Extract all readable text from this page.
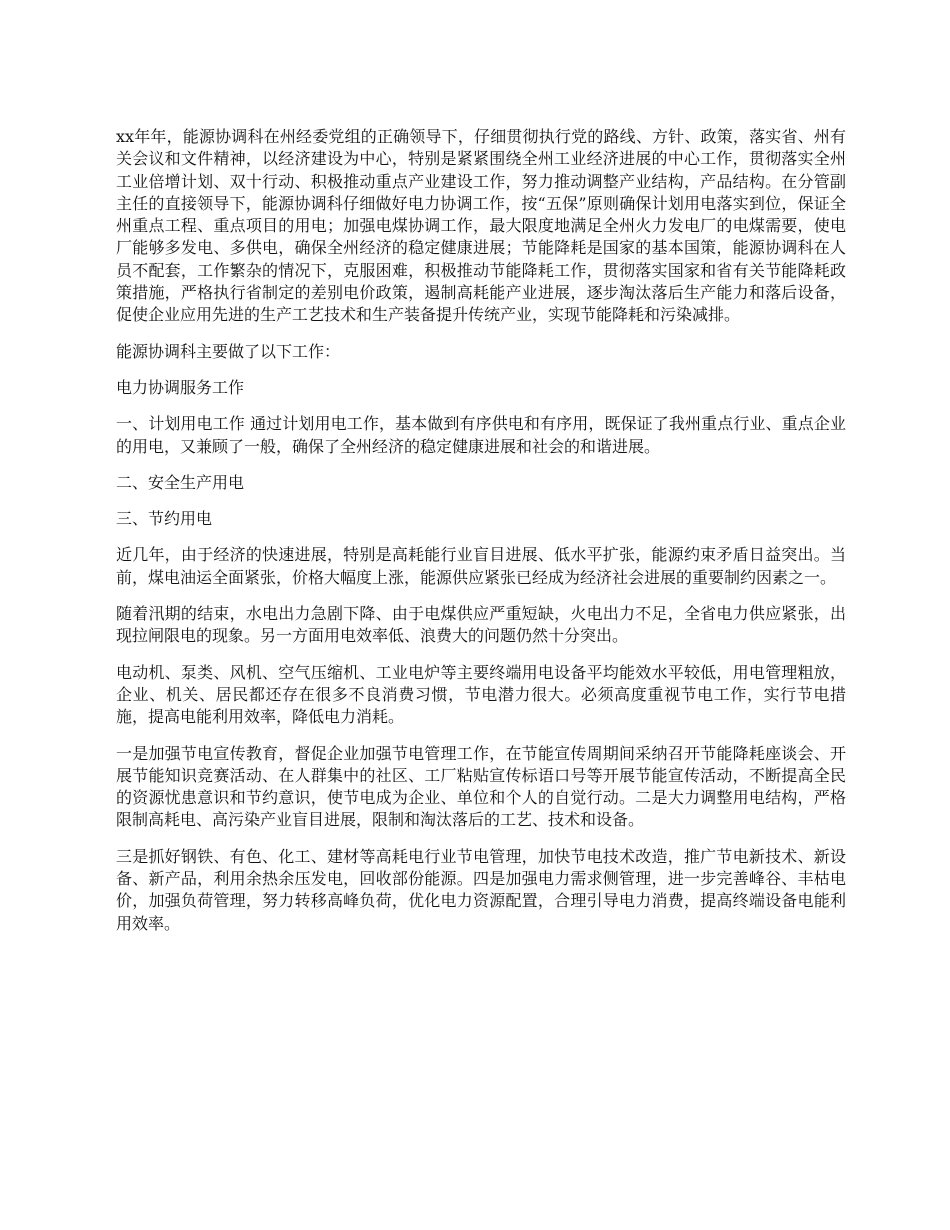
xx年年，能源协调科在州经委党组的正确领导下，仔细贯彻执行党的路线、方针、政策，落实省、州有关会议和文件精神，以经济建设为中心，特别是紧紧围绕全州工业经济进展的中心工作，贯彻落实全州工业倍增计划、双十行动、积极推动重点产业建设工作，努力推动调整产业结构，产品结构。在分管副主任的直接领导下，能源协调科仔细做好电力协调工作，按“五保”原则确保计划用电落实到位，保证全州重点工程、重点项目的用电；加强电煤协调工作，最大限度地满足全州火力发电厂的电煤需要，使电厂能够多发电、多供电，确保全州经济的稳定健康进展；节能降耗是国家的基本国策，能源协调科在人员不配套，工作繁杂的情况下，克服困难，积极推动节能降耗工作，贯彻落实国家和省有关节能降耗政策措施，严格执行省制定的差别电价政策，遏制高耗能产业进展，逐步淘汰落后生产能力和落后设备，促使企业应用先进的生产工艺技术和生产装备提升传统产业，实现节能降耗和污染减排。

能源协调科主要做了以下工作：

电力协调服务工作

一、计划用电工作 通过计划用电工作，基本做到有序供电和有序用，既保证了我州重点行业、重点企业的用电，又兼顾了一般，确保了全州经济的稳定健康进展和社会的和谐进展。

二、安全生产用电

三、节约用电

近几年，由于经济的快速进展，特别是高耗能行业盲目进展、低水平扩张，能源约束矛盾日益突出。当前，煤电油运全面紧张，价格大幅度上涨，能源供应紧张已经成为经济社会进展的重要制约因素之一。

随着汛期的结束，水电出力急剧下降、由于电煤供应严重短缺，火电出力不足，全省电力供应紧张，出现拉闸限电的现象。另一方面用电效率低、浪费大的问题仍然十分突出。

电动机、泵类、风机、空气压缩机、工业电炉等主要终端用电设备平均能效水平较低，用电管理粗放，企业、机关、居民都还存在很多不良消费习惯，节电潜力很大。必须高度重视节电工作，实行节电措施，提高电能利用效率，降低电力消耗。

一是加强节电宣传教育，督促企业加强节电管理工作，在节能宣传周期间采纳召开节能降耗座谈会、开展节能知识竞赛活动、在人群集中的社区、工厂粘贴宣传标语口号等开展节能宣传活动，不断提高全民的资源忧患意识和节约意识，使节电成为企业、单位和个人的自觉行动。二是大力调整用电结构，严格限制高耗电、高污染产业盲目进展，限制和淘汰落后的工艺、技术和设备。

三是抓好钢铁、有色、化工、建材等高耗电行业节电管理，加快节电技术改造，推广节电新技术、新设备、新产品，利用余热余压发电，回收部份能源。四是加强电力需求侧管理，进一步完善峰谷、丰枯电价，加强负荷管理，努力转移高峰负荷，优化电力资源配置，合理引导电力消费，提高终端设备电能利用效率。
